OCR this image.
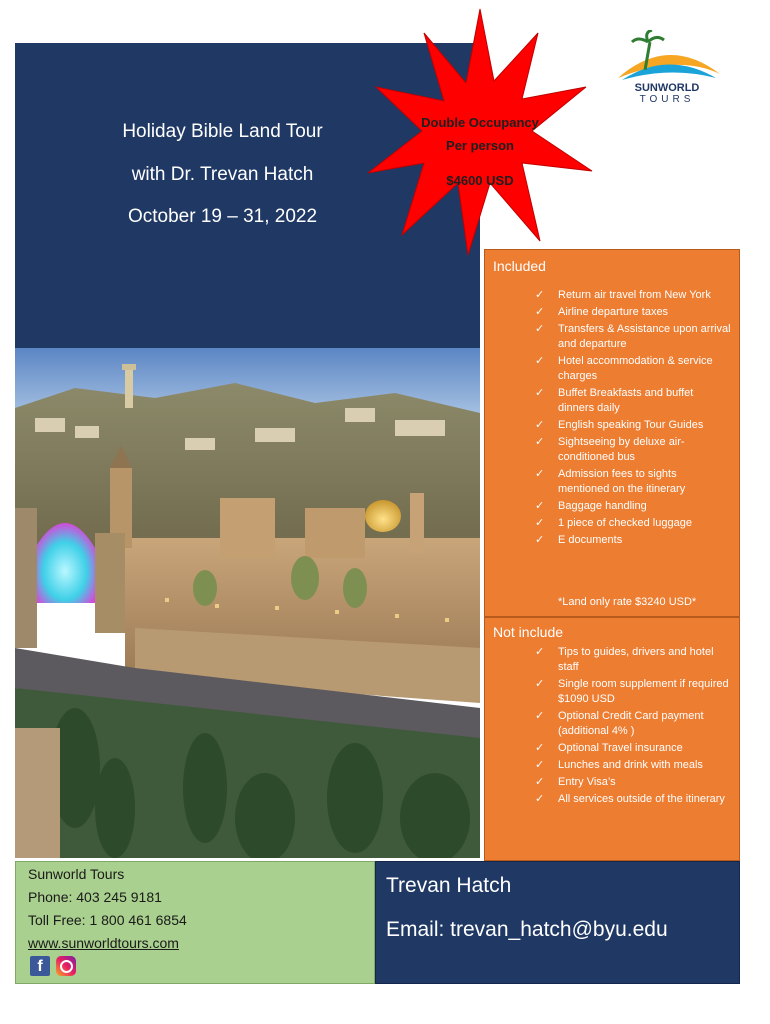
Holiday Bible Land Tour
with Dr. Trevan Hatch
October 19 – 31, 2022
Double Occupancy
Per person
$4600 USD
SUNWORLD
TOURS
Included
✓ Return air travel from New York
✓ Airline departure taxes
✓ Transfers & Assistance upon arrival and departure
✓ Hotel accommodation & service charges
✓ Buffet Breakfasts and buffet dinners daily
✓ English speaking Tour Guides
✓ Sightseeing by deluxe air-conditioned bus
✓ Admission fees to sights mentioned on the itinerary
✓ Baggage handling
✓ 1 piece of checked luggage
✓ E documents
*Land only rate $3240 USD*
Not include
✓ Tips to guides, drivers and hotel staff
✓ Single room supplement if required $1090 USD
✓ Optional Credit Card payment (additional 4% )
✓ Optional Travel insurance
✓ Lunches and drink with meals
✓ Entry Visa’s
✓ All services outside of the itinerary
Sunworld Tours
Phone: 403 245 9181
Toll Free: 1 800 461 6854
www.sunworldtours.com
f
Trevan Hatch
Email: trevan_hatch@byu.edu
